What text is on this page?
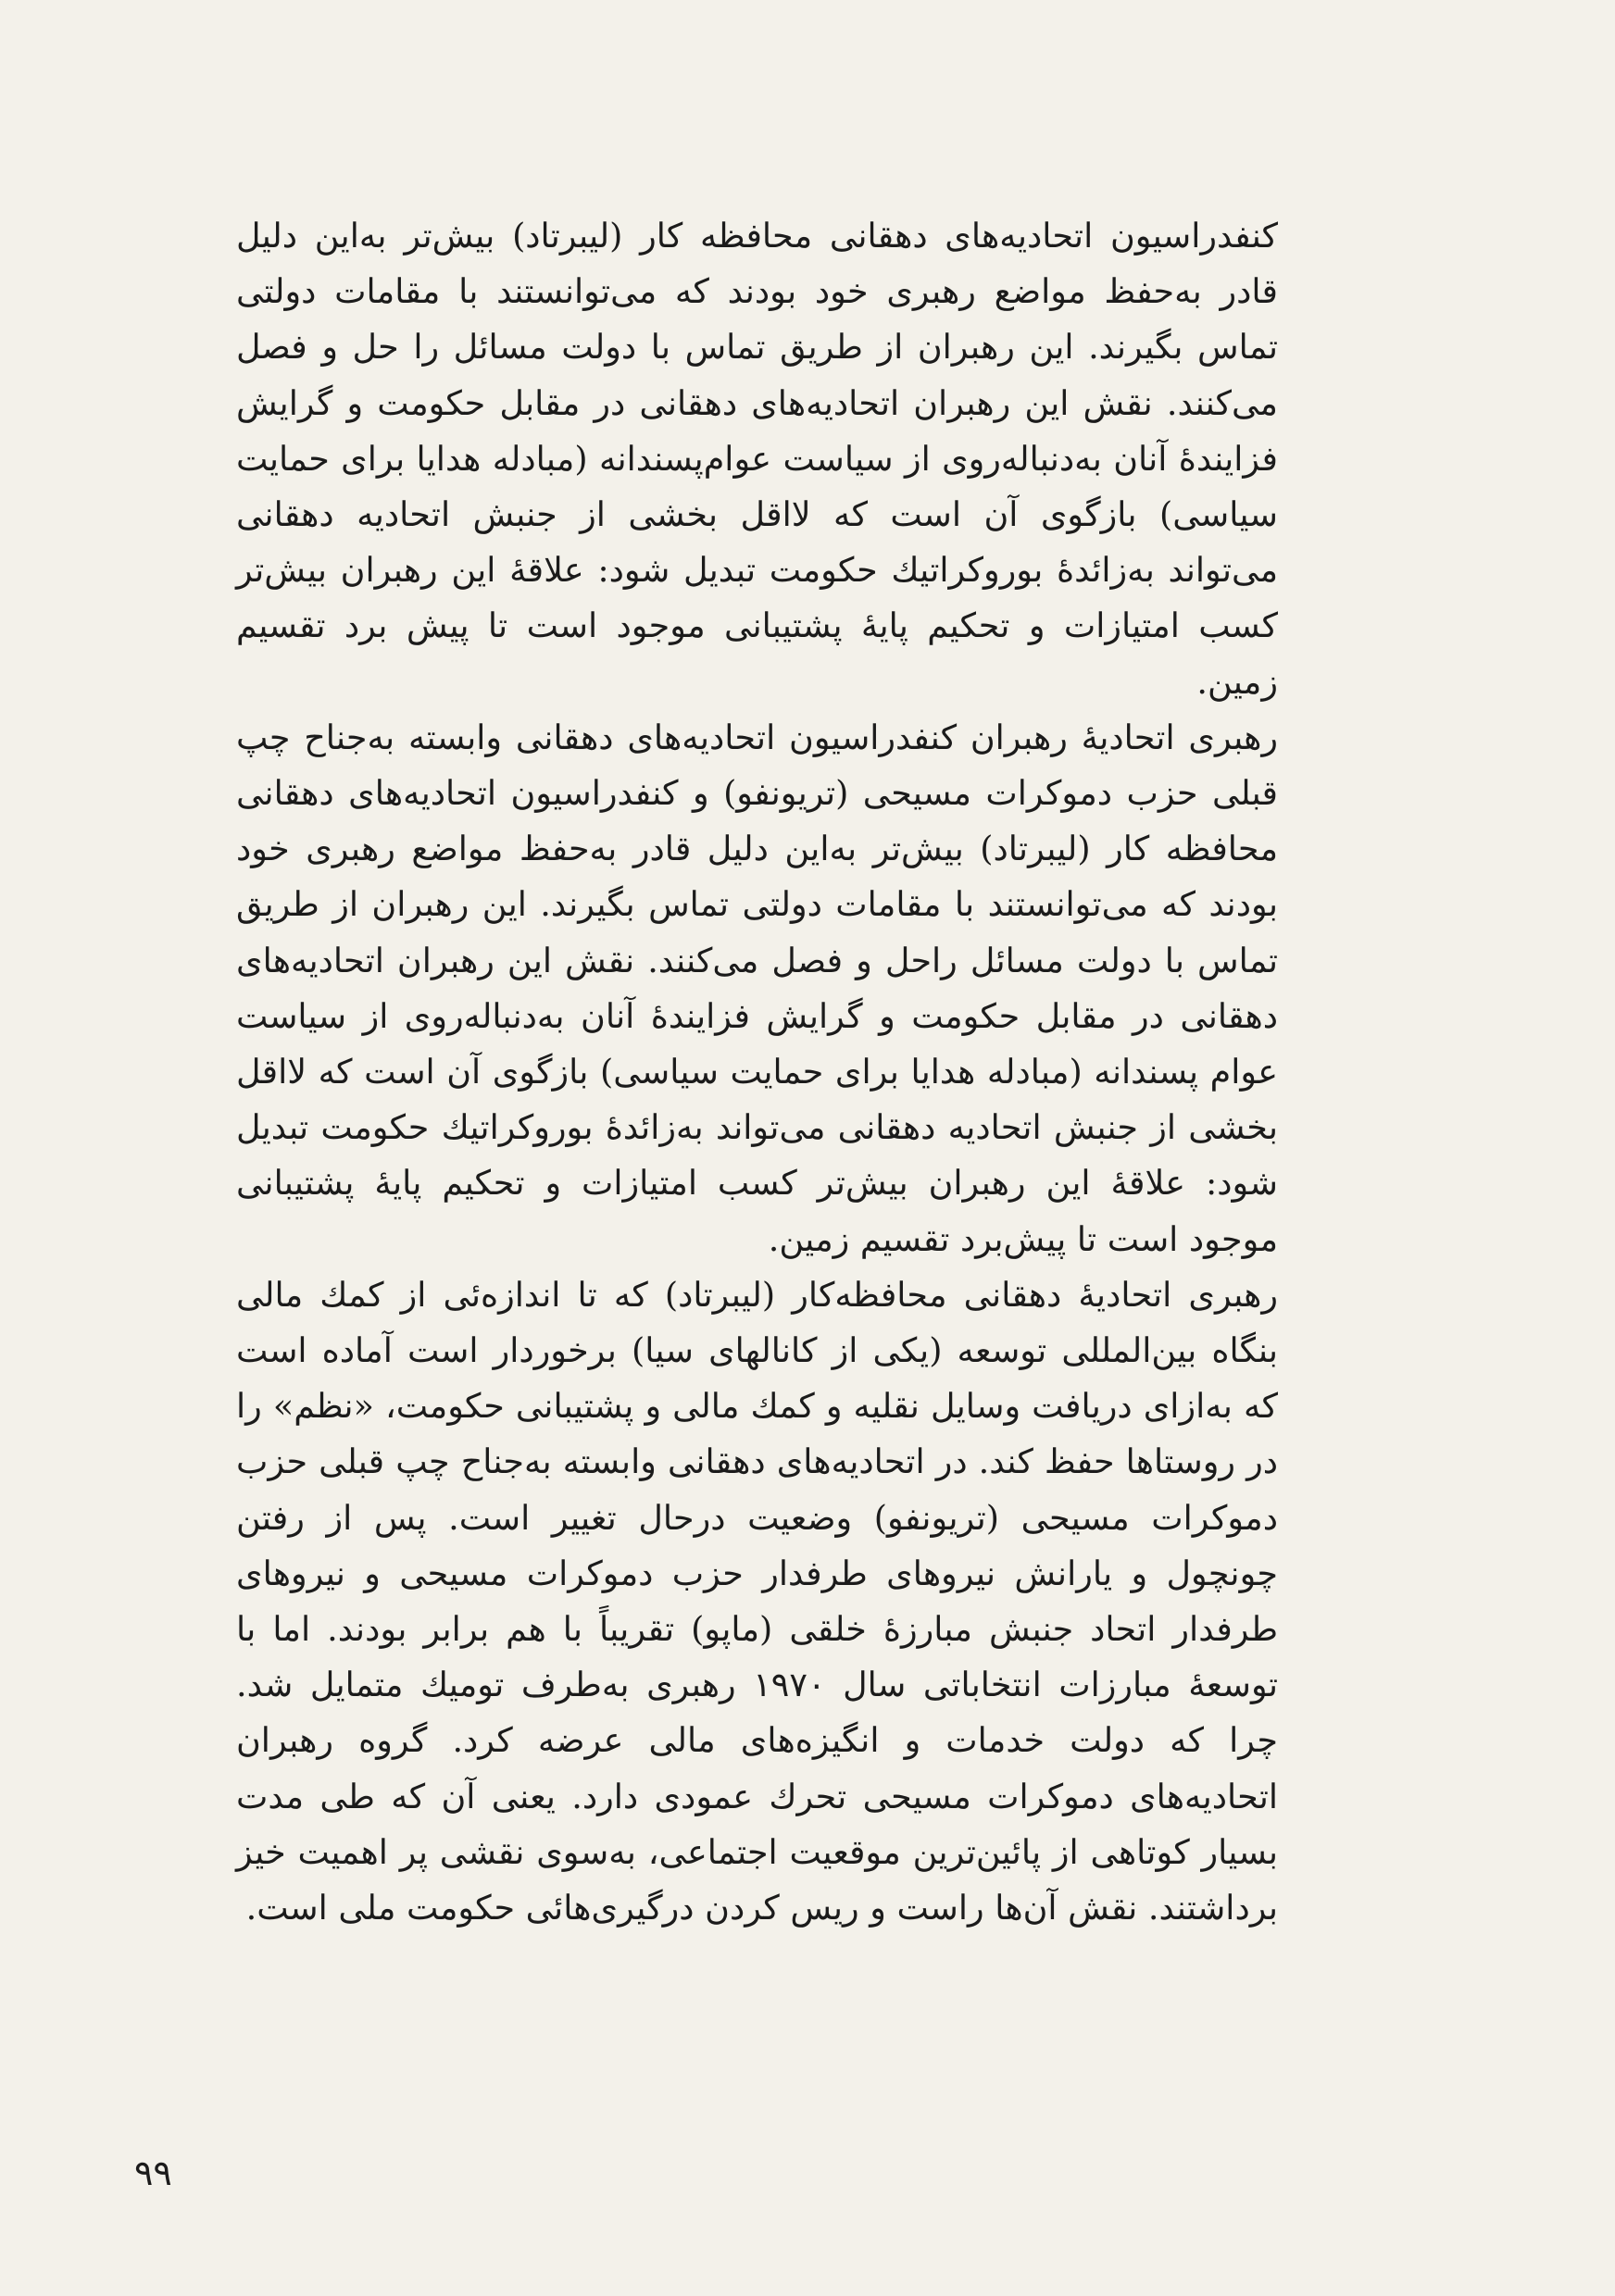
کنفدراسیون اتحادیه‌های دهقانی محافظه کار (لیبرتاد) بیش‌تر به‌این دلیل قادر به‌حفظ مواضع رهبری خود بودند که می‌توانستند با مقامات دولتی تماس بگیرند. این رهبران از طریق تماس با دولت مسائل را حل و فصل می‌کنند. نقش این رهبران اتحادیه‌های دهقانی در مقابل حکومت و گرایش فزایندهٔ آنان به‌دنباله‌روی از سیاست عوام‌پسندانه (مبادله هدایا برای حمایت سیاسی) بازگوی آن است که لااقل بخشی از جنبش اتحادیه دهقانی می‌تواند به‌زائدهٔ بوروکراتیك حکومت تبدیل شود: علاقهٔ این رهبران بیش‌تر کسب امتیازات و تحکیم پایهٔ پشتیبانی موجود است تا پیش برد تقسیم زمین.

رهبری اتحادیهٔ رهبران کنفدراسیون اتحادیه‌های دهقانی وابسته به‌جناح چپ قبلی حزب دموکرات مسیحی (تریونفو) و کنفدراسیون اتحادیه‌های دهقانی محافظه کار (لیبرتاد) بیش‌تر به‌این دلیل قادر به‌حفظ مواضع رهبری خود بودند که می‌توانستند با مقامات دولتی تماس بگیرند. این رهبران از طریق تماس با دولت مسائل راحل و فصل می‌کنند. نقش این رهبران اتحادیه‌های دهقانی در مقابل حکومت و گرایش فزایندهٔ آنان به‌دنباله‌روی از سیاست عوام پسندانه (مبادله هدایا برای حمایت سیاسی) بازگوی آن است که لااقل بخشی از جنبش اتحادیه دهقانی می‌تواند به‌زائدهٔ بوروکراتیك حکومت تبدیل شود: علاقهٔ این رهبران بیش‌تر کسب امتیازات و تحکیم پایهٔ پشتیبانی موجود است تا پیش‌برد تقسیم زمین.

رهبری اتحادیهٔ دهقانی محافظه‌کار (لیبرتاد) که تا اندازه‌ئی از کمك مالی بنگاه بین‌المللی توسعه (یکی از کانالهای سیا) برخوردار است آماده است که به‌ازای دریافت وسایل نقلیه و کمك مالی و پشتیبانی حکومت، «نظم» را در روستاها حفظ کند. در اتحادیه‌های دهقانی وابسته به‌جناح چپ قبلی حزب دموکرات مسیحی (تریونفو) وضعیت درحال تغییر است. پس از رفتن چونچول و یارانش نیروهای طرفدار حزب دموکرات مسیحی و نیروهای طرفدار اتحاد جنبش مبارزهٔ خلقی (ماپو) تقریباً با هم برابر بودند. اما با توسعهٔ مبارزات انتخاباتی سال ۱۹۷۰ رهبری به‌طرف تومیك متمایل شد. چرا که دولت خدمات و انگیزه‌های مالی عرضه کرد. گروه رهبران اتحادیه‌های دموکرات مسیحی تحرك عمودی دارد. یعنی آن که طی مدت بسیار کوتاهی از پائین‌ترین موقعیت اجتماعی، به‌سوی نقشی پر اهمیت خیز برداشتند. نقش آن‌ها راست و ریس کردن درگیری‌هائی حکومت ملی است.

۹۹
